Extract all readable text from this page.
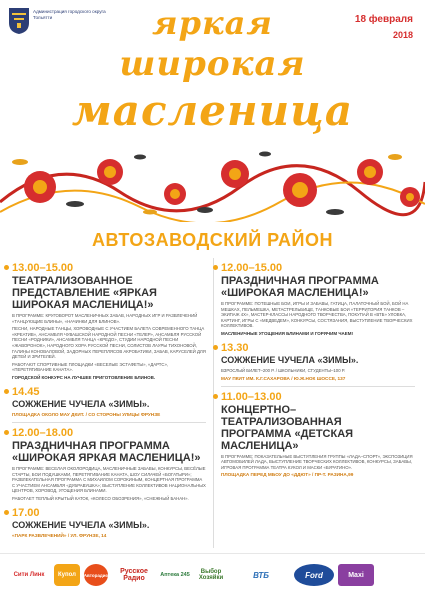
Администрация городского округа Тольятти	18 февраля
2018
яркая
широкая
масленица
АВТОЗАВОДСКИЙ РАЙОН
13.00–15.00
ТЕАТРАЛИЗОВАННОЕ ПРЕДСТАВЛЕНИЕ «ЯРКАЯ ШИРОКАЯ МАСЛЕНИЦА!»
В ПРОГРАММЕ: КРУГОВОРОТ МАСЛЕНИЧНЫХ ЗАБАВ, НАРОДНЫХ ИГР И РАЗВЛЕЧЕНИЙ «ТАНЦУЮЩИЕ БЛИНЫ», «НАЧИНКИ ДЛЯ БЛИНОВ».
ПЕСНИ, НАРОДНЫЕ ТАНЦЫ, ХОРОВОДНЫЕ С УЧАСТИЕМ БАЛЕТА СОВРЕМЕННОГО ТАНЦА «КРЕАТИВ», АНСАМБЛЯ ЧУВАШСКОЙ НАРОДНОЙ ПЕСНИ «ТЕЛЕР», АНСАМБЛЯ РУССКОЙ ПЕСНИ «РОДНИКИ», АНСАМБЛЯ ТАНЦА «КРЕДО», СТУДИИ НАРОДНОЙ ПЕСНИ «ЖАВОРОНОК», НАРОДНОГО ХОРА РУССКОЙ ПЕСНИ, СОЛИСТОВ ЛАУРЫ ТИХОНОВОЙ, ГАЛИНЫ КОНОВАЛОВОЙ, ЗАДОРНЫХ ПЕРЕПЛЯСОВ АКРОБАТИКИ, ЗАБАВ, КАРУСЕЛЕЙ ДЛЯ ДЕТЕЙ И ЗРИТЕЛЕЙ.
РАБОТАЮТ СПОРТИВНЫЕ ПЛОЩАДКИ «ВЕСЕЛЫЕ ЭСТАФЕТЫ», «ДАРТС», «ПЕРЕТЯГИВАНИЕ КАНАТА».
ГОРОДСКОЙ КОНКУРС НА ЛУЧШЕЕ ПРИГОТОВЛЕНИЕ БЛИНОВ.
14.45
СОЖЖЕНИЕ ЧУЧЕЛА «ЗИМЫ».
ПЛОЩАДКА ОКОЛО МАУ ДКИТ. / СО СТОРОНЫ УЛИЦЫ ФРУНЗЕ
12.00–18.00
ПРАЗДНИЧНАЯ ПРОГРАММА «ШИРОКАЯ ЯРКАЯ МАСЛЕНИЦА!»
В ПРОГРАММЕ: ВЕСЕЛАЯ ОКОЛОРОДИЦА, МАСЛЕНИЧНЫЕ ЗАБАВЫ, КОНКУРСЫ, ВЕСЁЛЫЕ СТАРТЫ, БОИ ПОДУШКАМИ, ПЕРЕТЯГИВАНИЕ КАНАТА, ШОУ СИЛАЧЕЙ «БОГАТЫРИ»; РАЗВЛЕКАТЕЛЬНАЯ ПРОГРАММА С МИХАИЛОМ СОРОКИНЫМ, КОНЦЕРТНАЯ ПРОГРАММА С УЧАСТИЕМ АНСАМБЛЯ «ДУБРАВУШКА»; ВЫСТУПЛЕНИЕ КОЛЛЕКТИВОВ НАЦИОНАЛЬНЫХ ЦЕНТРОВ, ХОРОВОД, УГОЩЕНИЯ БЛИНАМИ.
РАБОТАЕТ ТЕПЛЫЙ КРЫТЫЙ КАТОК, «КОЛЕСО ОБОЗРЕНИЯ», «СНЕЖНЫЙ БАНАН».
17.00
СОЖЖЕНИЕ ЧУЧЕЛА «ЗИМЫ».
«ПАРК РАЗВЛЕЧЕНИЙ» / УЛ. ФРУНЗЕ, 14
12.00–15.00
ПРАЗДНИЧНАЯ ПРОГРАММА «ШИРОКАЯ МАСЛЕНИЦА!»
В ПРОГРАММЕ: ПОТЕШНЫЕ БОИ, ИГРЫ И ЗАБАВЫ, ГАТИЦА, ПАЛАТОЧНЫЙ БОЙ, БОЙ НА МЕШКАХ, ПЕЛЬМЕШКА, МЕТАСТРЕЛЬБИЩЕ, ТАНКОВЫЕ БОИ «ТЕРРИТОРИЯ ТАНКОВ – ЭКИПАЖ 4Х», МАСТЕР-КЛАССЫ НАРОДНОГО ТВОРЧЕСТВА, ПОКУПАЙ В «ВТБ» УЛОВКА, КАРТИНГ, ИГРЫ С «МЕДВЕДЕМ», КОНКУРСЫ, СОСТЯЗАНИЯ, ВЫСТУПЛЕНИЕ ТВОРЧЕСКИХ КОЛЛЕКТИВОВ.
МАСЛЕНИЧНЫЕ УГОЩЕНИЯ БЛИНАМИ И ГОРЯЧИМ ЧАЕМ!
13.30
СОЖЖЕНИЕ ЧУЧЕЛА «ЗИМЫ».
ВЗРОСЛЫЙ БИЛЕТ–200 Р. / ШКОЛЬНИКИ, СТУДЕНТЫ–100 Р.
МАУ ПКИТ ИМ. К.Г.САХАРОВА / Ю.Ж.НОК ШОССЕ, 137
11.00–13.00
КОНЦЕРТНО–ТЕАТРАЛИЗОВАННАЯ ПРОГРАММА «ДЕТСКАЯ МАСЛЕНИЦА»
В ПРОГРАММЕ: ПОКАЗАТЕЛЬНЫЕ ВЫСТУПЛЕНИЯ ГРУППЫ «ЛАДА–СПОРТ», ЭКСПОЗИЦИЯ АВТОМОБИЛЕЙ ЛАДА, ВЫСТУПЛЕНИЕ ТВОРЧЕСКИХ КОЛЛЕКТИВОВ, КОНКУРСЫ, ЗАБАВЫ, ИГРОВАЯ ПРОГРАММА ТЕАТРА КУКОЛ И МАСКИ «БУРАТИНО».
ПЛОЩАДКА ПЕРЕД МБОУ ДО «ДДЮТ» / ПР-Т. РАЗИНА,99
Сити Линк	Купол	Авторадио	Русское Радио	Аптека 245	Выбор Хозяйки	ВТБ	Ford	Maxi
